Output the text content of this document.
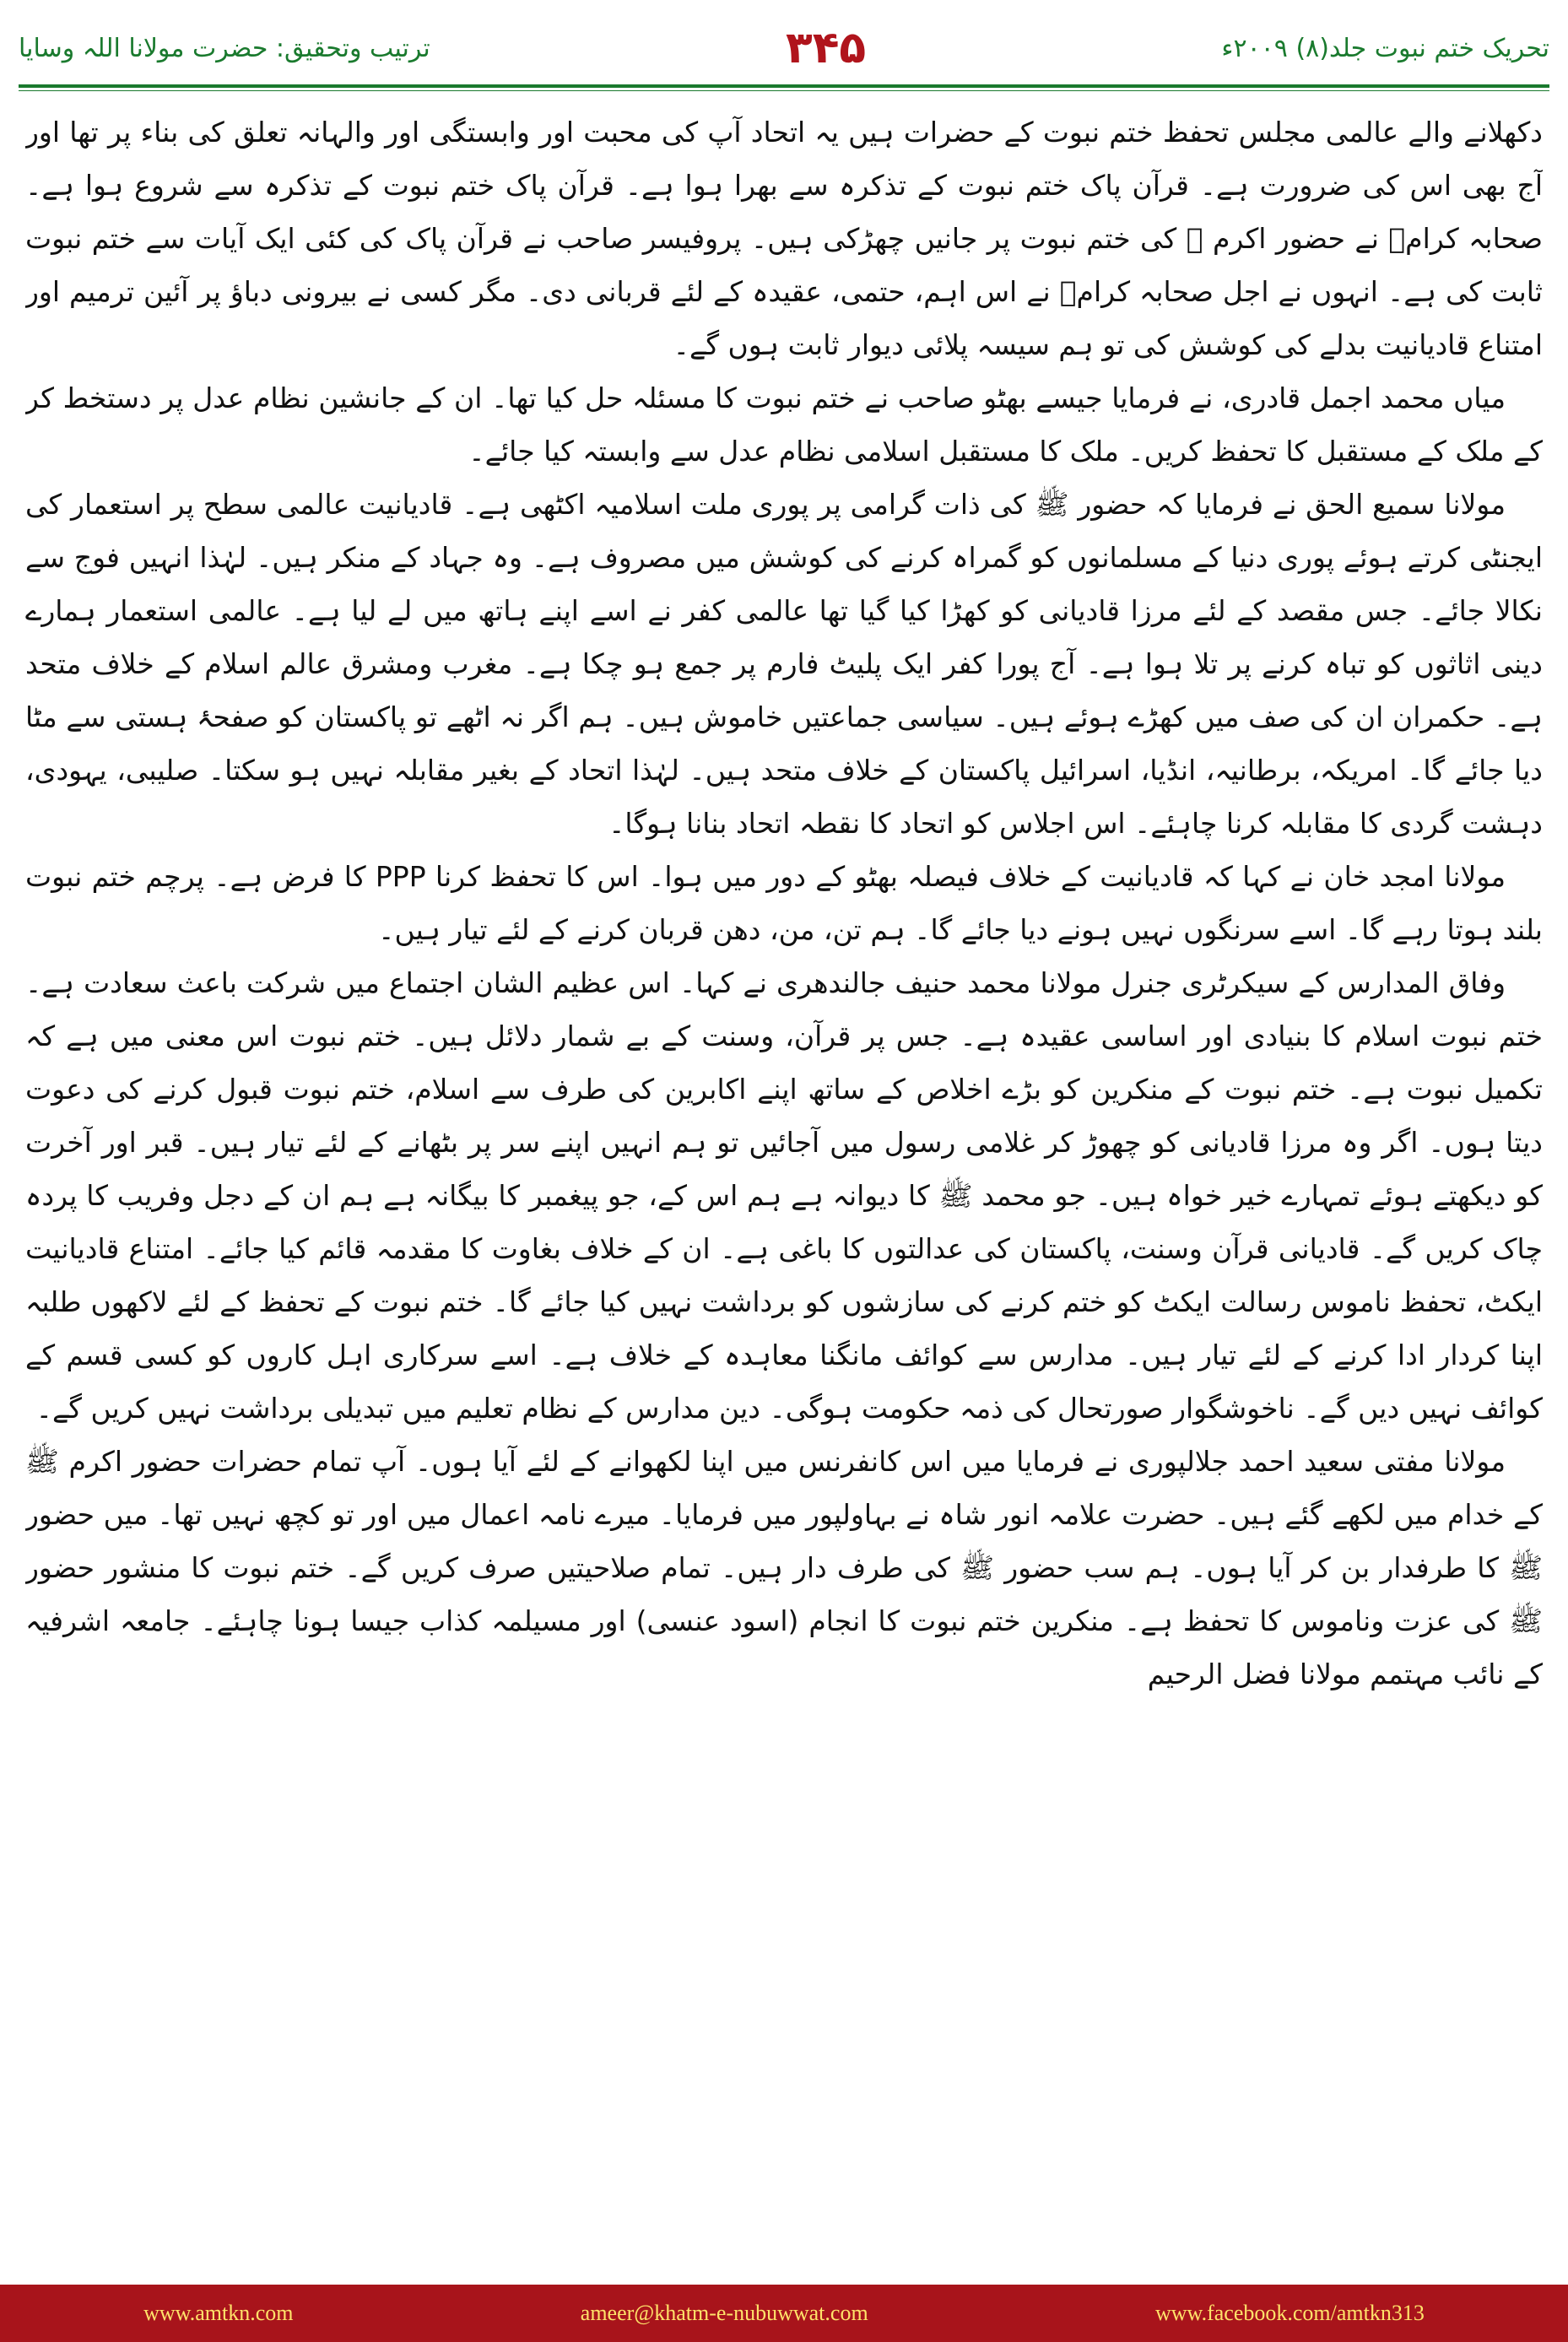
تحریک ختم نبوت جلد(۸) ۲۰۰۹ء
۳۴۵
ترتیب وتحقیق: حضرت مولانا اللہ وسایا

دکھلانے والے عالمی مجلس تحفظ ختم نبوت کے حضرات ہیں یہ اتحاد آپ کی محبت اور وابستگی اور والہانہ تعلق کی بناء پر تھا اور آج بھی اس کی ضرورت ہے۔ قرآن پاک ختم نبوت کے تذکرہ سے بھرا ہوا ہے۔ قرآن پاک ختم نبوت کے تذکرہ سے شروع ہوا ہے۔ صحابہ کرامؓ نے حضور اکرم ﷺ کی ختم نبوت پر جانیں چھڑکی ہیں۔ پروفیسر صاحب نے قرآن پاک کی کئی ایک آیات سے ختم نبوت ثابت کی ہے۔ انہوں نے اجل صحابہ کرامؓ نے اس اہم، حتمی، عقیدہ کے لئے قربانی دی۔ مگر کسی نے بیرونی دباؤ پر آئین ترمیم اور امتناع قادیانیت بدلے کی کوشش کی تو ہم سیسہ پلائی دیوار ثابت ہوں گے۔

میاں محمد اجمل قادری، نے فرمایا جیسے بھٹو صاحب نے ختم نبوت کا مسئلہ حل کیا تھا۔ ان کے جانشین نظام عدل پر دستخط کر کے ملک کے مستقبل کا تحفظ کریں۔ ملک کا مستقبل اسلامی نظام عدل سے وابستہ کیا جائے۔

مولانا سمیع الحق نے فرمایا کہ حضور ﷺ کی ذات گرامی پر پوری ملت اسلامیہ اکٹھی ہے۔ قادیانیت عالمی سطح پر استعمار کی ایجنٹی کرتے ہوئے پوری دنیا کے مسلمانوں کو گمراہ کرنے کی کوشش میں مصروف ہے۔ وہ جہاد کے منکر ہیں۔ لہٰذا انہیں فوج سے نکالا جائے۔ جس مقصد کے لئے مرزا قادیانی کو کھڑا کیا گیا تھا عالمی کفر نے اسے اپنے ہاتھ میں لے لیا ہے۔ عالمی استعمار ہمارے دینی اثاثوں کو تباہ کرنے پر تلا ہوا ہے۔ آج پورا کفر ایک پلیٹ فارم پر جمع ہو چکا ہے۔ مغرب ومشرق عالم اسلام کے خلاف متحد ہے۔ حکمران ان کی صف میں کھڑے ہوئے ہیں۔ سیاسی جماعتیں خاموش ہیں۔ ہم اگر نہ اٹھے تو پاکستان کو صفحۂ ہستی سے مٹا دیا جائے گا۔ امریکہ، برطانیہ، انڈیا، اسرائیل پاکستان کے خلاف متحد ہیں۔ لہٰذا اتحاد کے بغیر مقابلہ نہیں ہو سکتا۔ صلیبی، یہودی، دہشت گردی کا مقابلہ کرنا چاہئے۔ اس اجلاس کو اتحاد کا نقطہ اتحاد بنانا ہوگا۔

مولانا امجد خان نے کہا کہ قادیانیت کے خلاف فیصلہ بھٹو کے دور میں ہوا۔ اس کا تحفظ کرنا PPP کا فرض ہے۔ پرچم ختم نبوت بلند ہوتا رہے گا۔ اسے سرنگوں نہیں ہونے دیا جائے گا۔ ہم تن، من، دھن قربان کرنے کے لئے تیار ہیں۔

وفاق المدارس کے سیکرٹری جنرل مولانا محمد حنیف جالندھری نے کہا۔ اس عظیم الشان اجتماع میں شرکت باعث سعادت ہے۔ ختم نبوت اسلام کا بنیادی اور اساسی عقیدہ ہے۔ جس پر قرآن، وسنت کے بے شمار دلائل ہیں۔ ختم نبوت اس معنی میں ہے کہ تکمیل نبوت ہے۔ ختم نبوت کے منکرین کو بڑے اخلاص کے ساتھ اپنے اکابرین کی طرف سے اسلام، ختم نبوت قبول کرنے کی دعوت دیتا ہوں۔ اگر وہ مرزا قادیانی کو چھوڑ کر غلامی رسول میں آجائیں تو ہم انہیں اپنے سر پر بٹھانے کے لئے تیار ہیں۔ قبر اور آخرت کو دیکھتے ہوئے تمہارے خیر خواہ ہیں۔ جو محمد ﷺ کا دیوانہ ہے ہم اس کے، جو پیغمبر کا بیگانہ ہے ہم ان کے دجل وفریب کا پردہ چاک کریں گے۔ قادیانی قرآن وسنت، پاکستان کی عدالتوں کا باغی ہے۔ ان کے خلاف بغاوت کا مقدمہ قائم کیا جائے۔ امتناع قادیانیت ایکٹ، تحفظ ناموس رسالت ایکٹ کو ختم کرنے کی سازشوں کو برداشت نہیں کیا جائے گا۔ ختم نبوت کے تحفظ کے لئے لاکھوں طلبہ اپنا کردار ادا کرنے کے لئے تیار ہیں۔ مدارس سے کوائف مانگنا معاہدہ کے خلاف ہے۔ اسے سرکاری اہل کاروں کو کسی قسم کے کوائف نہیں دیں گے۔ ناخوشگوار صورتحال کی ذمہ حکومت ہوگی۔ دین مدارس کے نظام تعلیم میں تبدیلی برداشت نہیں کریں گے۔

مولانا مفتی سعید احمد جلالپوری نے فرمایا میں اس کانفرنس میں اپنا لکھوانے کے لئے آیا ہوں۔ آپ تمام حضرات حضور اکرم ﷺ کے خدام میں لکھے گئے ہیں۔ حضرت علامہ انور شاہ نے بہاولپور میں فرمایا۔ میرے نامہ اعمال میں اور تو کچھ نہیں تھا۔ میں حضور ﷺ کا طرفدار بن کر آیا ہوں۔ ہم سب حضور ﷺ کی طرف دار ہیں۔ تمام صلاحیتیں صرف کریں گے۔ ختم نبوت کا منشور حضور ﷺ کی عزت وناموس کا تحفظ ہے۔ منکرین ختم نبوت کا انجام (اسود عنسی) اور مسیلمہ کذاب جیسا ہونا چاہئے۔ جامعہ اشرفیہ کے نائب مہتمم مولانا فضل الرحیم

www.amtkn.com	ameer@khatm-e-nubuwwat.com	www.facebook.com/amtkn313
